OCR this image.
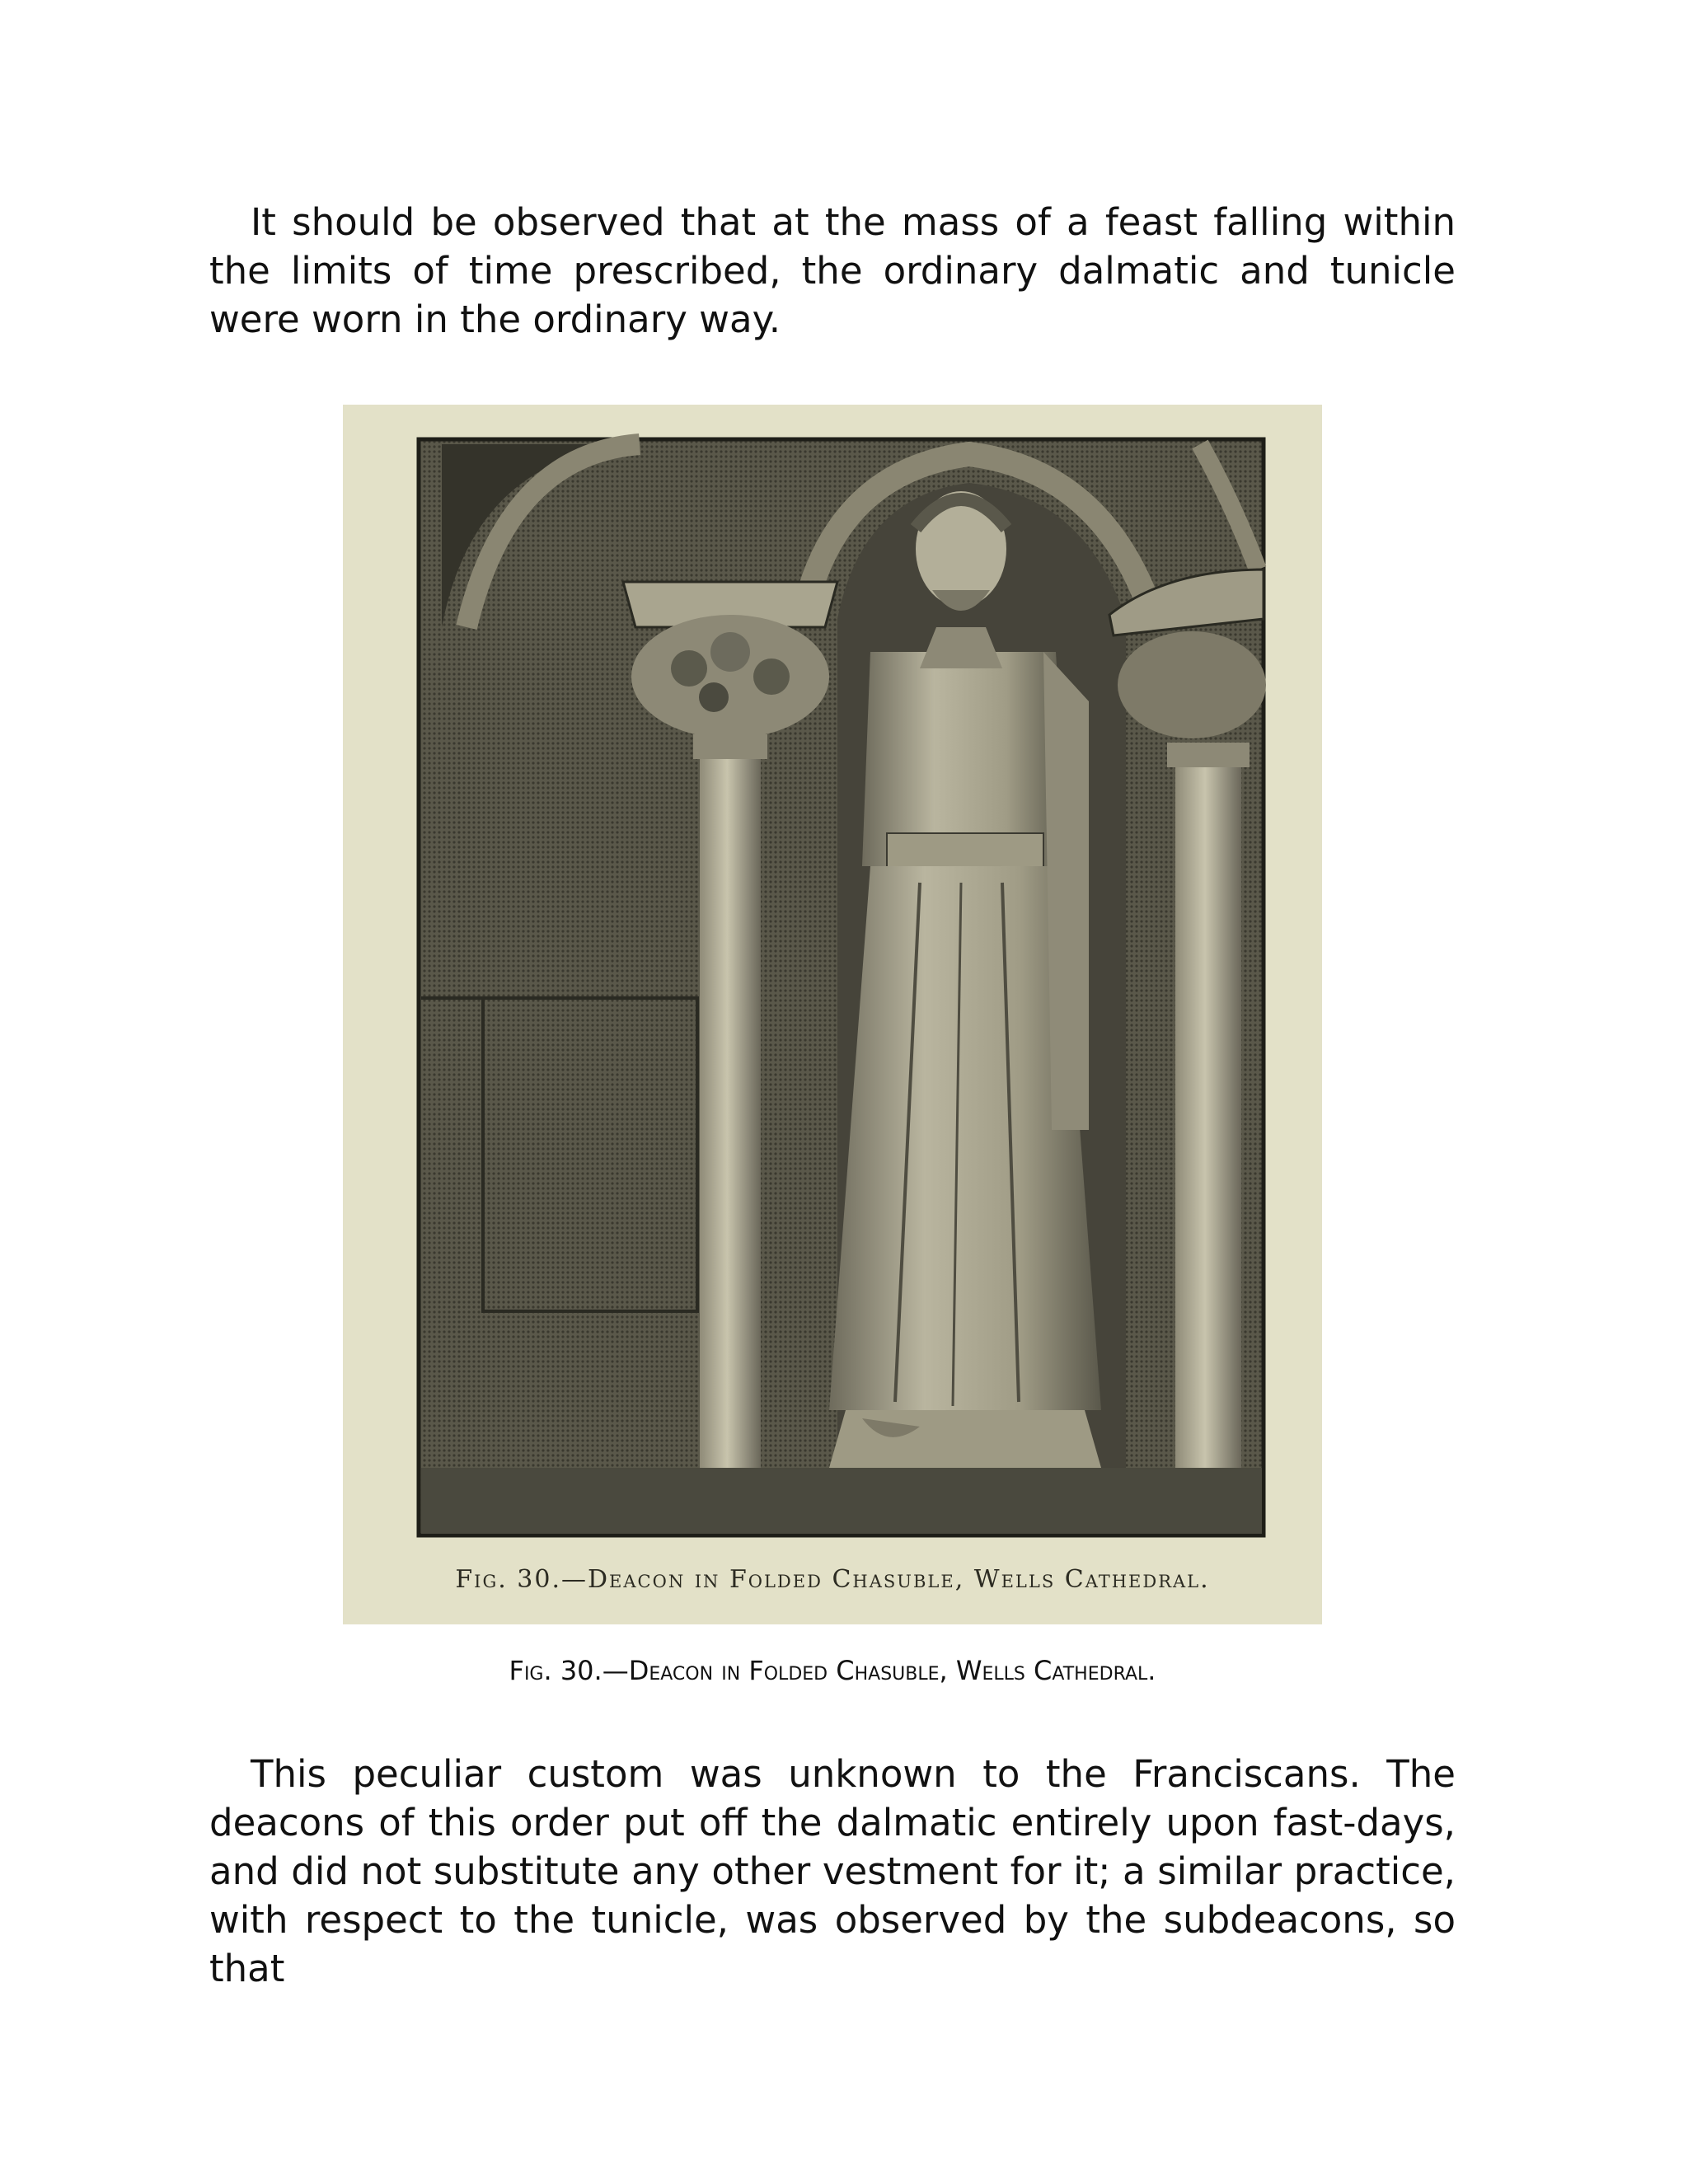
It should be observed that at the mass of a feast falling within the limits of time prescribed, the ordinary dalmatic and tunicle were worn in the ordinary way.

Fig. 30.—Deacon in Folded Chasuble, Wells Cathedral.

Fig. 30.—Deacon in Folded Chasuble, Wells Cathedral.

This peculiar custom was unknown to the Franciscans. The deacons of this order put off the dalmatic entirely upon fast-days, and did not substitute any other vestment for it; a similar practice, with respect to the tunicle, was observed by the subdeacons, so that
